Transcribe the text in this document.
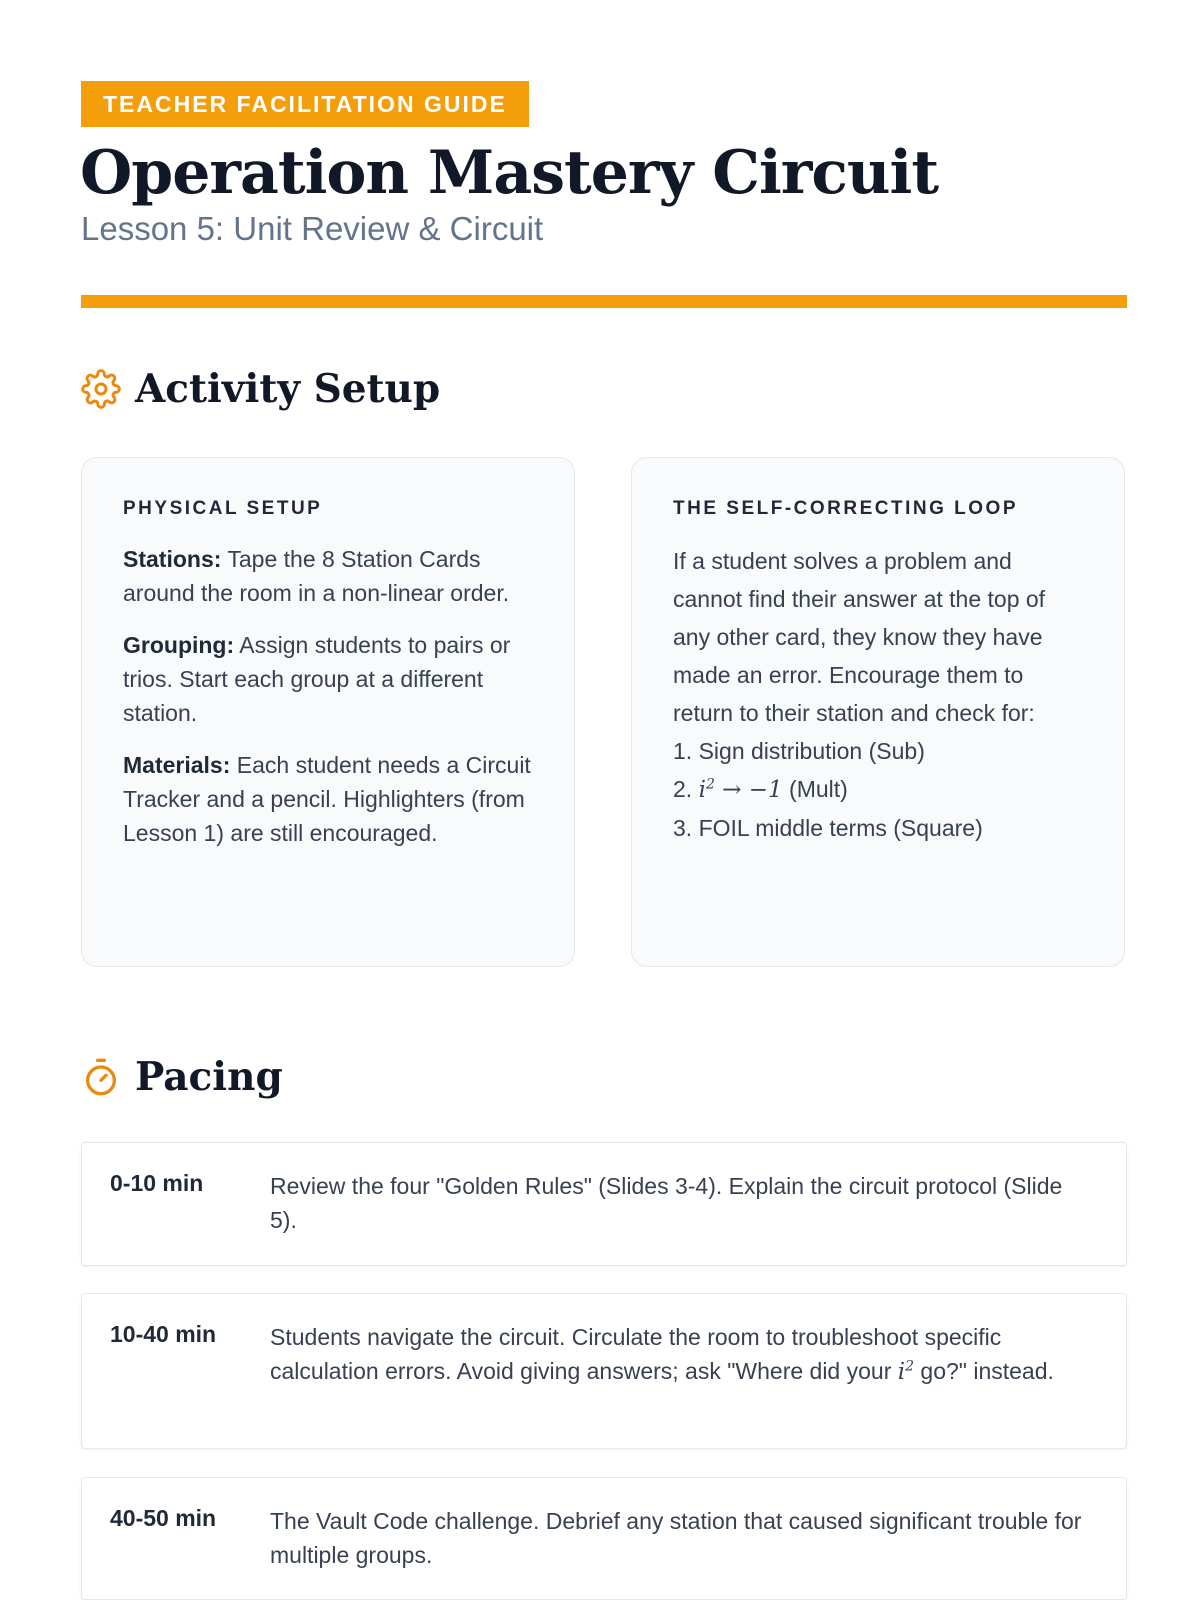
TEACHER FACILITATION GUIDE
Operation Mastery Circuit
Lesson 5: Unit Review & Circuit
Activity Setup
PHYSICAL SETUP

Stations: Tape the 8 Station Cards around the room in a non-linear order.

Grouping: Assign students to pairs or trios. Start each group at a different station.

Materials: Each student needs a Circuit Tracker and a pencil. Highlighters (from Lesson 1) are still encouraged.

THE SELF-CORRECTING LOOP
If a student solves a problem and cannot find their answer at the top of any other card, they know they have made an error. Encourage them to return to their station and check for:
1. Sign distribution (Sub)
2. $i^2 \to -1$ (Mult)
3. FOIL middle terms (Square)
Pacing
0-10 min	Review the four "Golden Rules" (Slides 3-4). Explain the circuit protocol (Slide 5).
10-40 min Students navigate the circuit. Circulate the room to troubleshoot specific calculation errors. Avoid giving answers; ask "Where did your $i^2$ go?" instead.
40-50 min The Vault Code challenge. Debrief any station that caused significant trouble for multiple groups.
